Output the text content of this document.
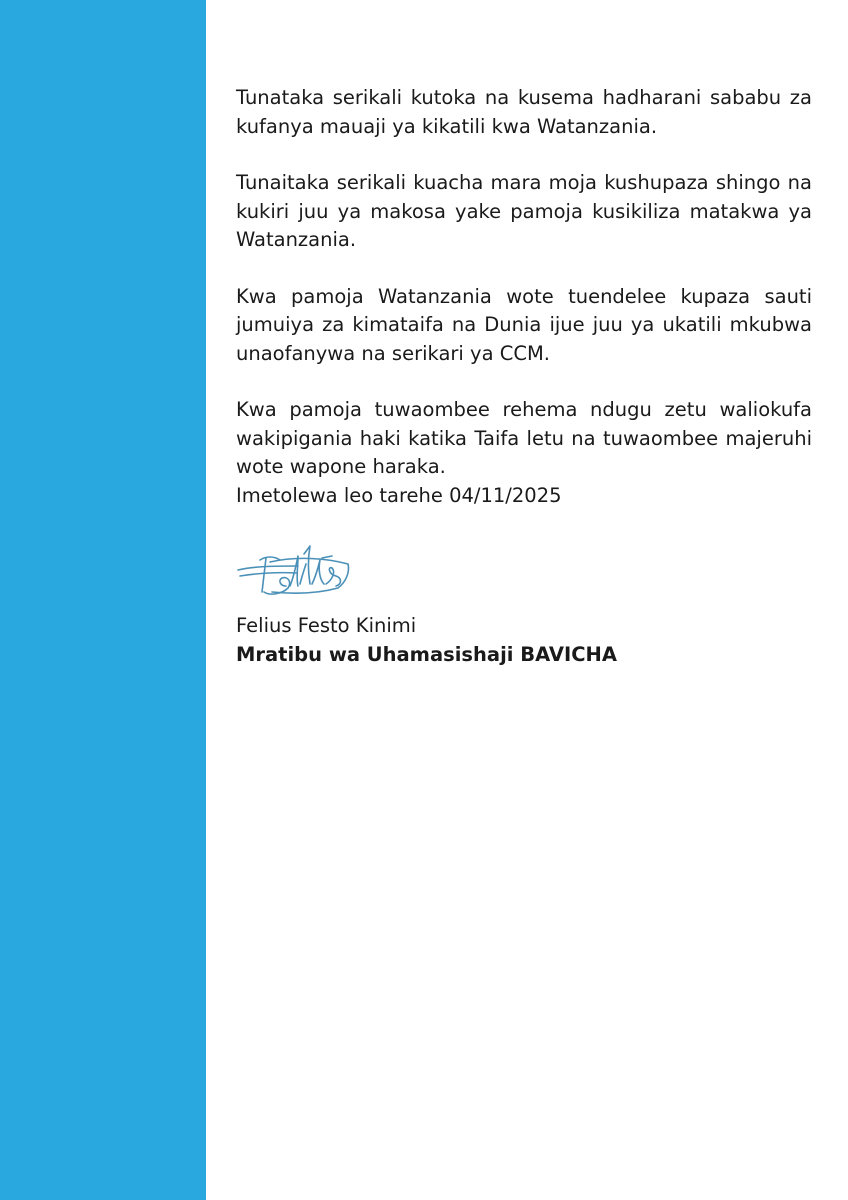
Tunataka serikali kutoka na kusema hadharani sababu za kufanya mauaji ya kikatili kwa Watanzania.

Tunaitaka serikali kuacha mara moja kushupaza shingo na kukiri juu ya makosa yake pamoja kusikiliza matakwa ya Watanzania.

Kwa pamoja Watanzania wote tuendelee kupaza sauti jumuiya za kimataifa na Dunia ijue juu ya ukatili mkubwa unaofanywa na serikari ya CCM.

Kwa pamoja tuwaombee rehema ndugu zetu waliokufa wakipigania haki katika Taifa letu na tuwaombee majeruhi wote wapone haraka.

Imetolewa leo tarehe 04/11/2025

Felius Festo Kinimi

Mratibu wa Uhamasishaji BAVICHA
